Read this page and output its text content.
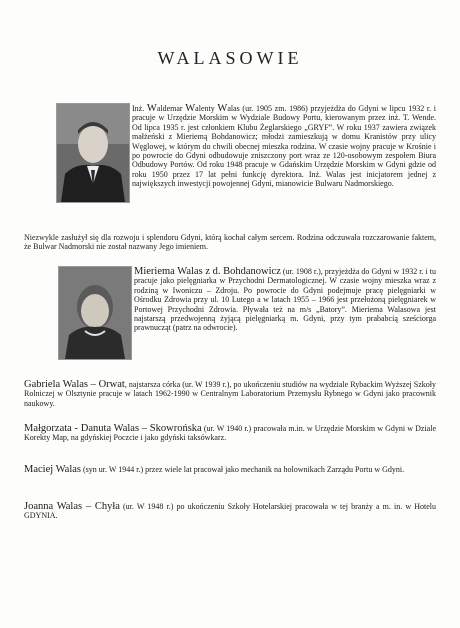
WALASOWIE
Inż. Waldemar Walenty Walas (ur. 1905 zm. 1986) przyjeżdża do Gdyni w lipcu 1932 r. i pracuje w Urzędzie Morskim w Wydziale Budowy Portu, kierowanym przez inż. T. Wende. Od lipca 1935 r. jest członkiem Klubu Żeglarskiego „GRYF”. W roku 1937 zawiera związek małżeński z Mieriemą Bohdanowicz; młodzi zamieszkują w domu Kranistów przy ulicy Węglowej, w którym do chwili obecnej mieszka rodzina. W czasie wojny pracuje w Krośnie i po powrocie do Gdyni odbudowuje zniszczony port wraz ze 120-osobowym zespołem Biura Odbudowy Portów. Od roku 1948 pracuje w Gdańskim Urzędzie Morskim w Gdyni gdzie od roku 1950 przez 17 lat pełni funkcję dyrektora. Inż. Walas jest inicjatorem jednej z największych inwestycji powojennej Gdyni, mianowicie Bulwaru Nadmorskiego.
Niezwykle zasłużył się dla rozwoju i splendoru Gdyni, którą kochał całym sercem. Rodzina odczuwała rozczarowanie faktem, że Bulwar Nadmorski nie został nazwany Jego imieniem.
Mieriema Walas z d. Bohdanowicz (ur. 1908 r.), przyjeżdża do Gdyni w 1932 r. i tu pracuje jako pielęgniarka w Przychodni Dermatologicznej. W czasie wojny mieszka wraz z rodziną w Iwoniczu – Zdroju. Po powrocie do Gdyni podejmuje pracę pielęgniarki w Ośrodku Zdrowia przy ul. 10 Lutego a w latach 1955 – 1966 jest przełożoną pielęgniarek w Portowej Przychodni Zdrowia. Pływała też na m/s „Batory”. Mieriema Walasowa jest najstarszą przedwojenną żyjącą pielęgniarką m. Gdyni, przy tym prababcią sześciorga prawnucząt (patrz na odwrocie).
Gabriela Walas – Orwat, najstarsza córka (ur. W 1939 r.), po ukończeniu studiów na wydziale Rybackim Wyższej Szkoły Rolniczej w Olsztynie pracuje w latach 1962-1990 w Centralnym Laboratorium Przemysłu Rybnego w Gdyni jako pracownik naukowy.
Małgorzata - Danuta Walas – Skowrońska (ur. W 1940 r.) pracowała m.in. w Urzędzie Morskim w Gdyni w Dziale Korekty Map, na gdyńskiej Poczcie i jako gdyński taksówkarz.
Maciej Walas (syn ur. W 1944 r.) przez wiele lat pracował jako mechanik na holownikach Zarządu Portu w Gdyni.
Joanna Walas – Chyła (ur. W 1948 r.) po ukończeniu Szkoły Hotelarskiej pracowała w tej branży a m. in. w Hotelu GDYNIA.
